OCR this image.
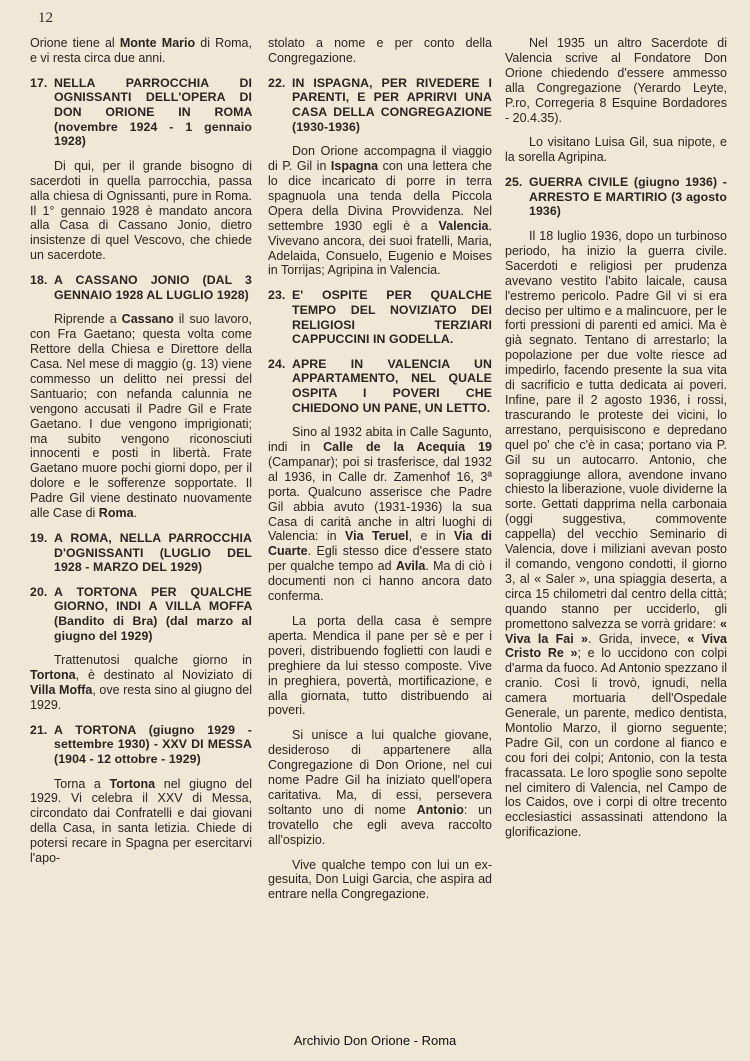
12

Orione tiene al Monte Mario di Roma, e vi resta circa due anni.

17. NELLA PARROCCHIA DI OGNISSANTI DELL'OPERA DI DON ORIONE IN ROMA (novembre 1924 - 1 gennaio 1928)

Di qui, per il grande bisogno di sacerdoti in quella parrocchia, passa alla chiesa di Ognissanti, pure in Roma. Il 1° gennaio 1928 è mandato ancora alla Casa di Cassano Jonio, dietro insistenze di quel Vescovo, che chiede un sacerdote.

18. A CASSANO JONIO (DAL 3 GENNAIO 1928 AL LUGLIO 1928)

Riprende a Cassano il suo lavoro, con Fra Gaetano; questa volta come Rettore della Chiesa e Direttore della Casa. Nel mese di maggio (g. 13) viene commesso un delitto nei pressi del Santuario; con nefanda calunnia ne vengono accusati il Padre Gil e Frate Gaetano. I due vengono imprigionati; ma subito vengono riconosciuti innocenti e posti in libertà. Frate Gaetano muore pochi giorni dopo, per il dolore e le sofferenze sopportate. Il Padre Gil viene destinato nuovamente alle Case di Roma.

19. A ROMA, NELLA PARROCCHIA D'OGNISSANTI (LUGLIO DEL 1928 - MARZO DEL 1929)
20. A TORTONA PER QUALCHE GIORNO, INDI A VILLA MOFFA (Bandito di Bra) (dal marzo al giugno del 1929)

Trattenutosi qualche giorno in Tortona, è destinato al Noviziato di Villa Moffa, ove resta sino al giugno del 1929.

21. A TORTONA (giugno 1929 - settembre 1930) - XXV DI MESSA (1904 - 12 ottobre - 1929)

Torna a Tortona nel giugno del 1929. Vi celebra il XXV di Messa, circondato dai Confratelli e dai giovani della Casa, in santa letizia. Chiede di potersi recare in Spagna per esercitarvi l'apo-

stolato a nome e per conto della Congregazione.

22. IN ISPAGNA, PER RIVEDERE I PARENTI, E PER APRIRVI UNA CASA DELLA CONGREGAZIONE (1930-1936)

Don Orione accompagna il viaggio di P. Gil in Ispagna con una lettera che lo dice incaricato di porre in terra spagnuola una tenda della Piccola Opera della Divina Provvidenza. Nel settembre 1930 egli è a Valencia. Vivevano ancora, dei suoi fratelli, Maria, Adelaida, Consuelo, Eugenio e Moises in Torrijas; Agripina in Valencia.

23. E' OSPITE PER QUALCHE TEMPO DEL NOVIZIATO DEI RELIGIOSI TERZIARI CAPPUCCINI IN GODELLA.
24. APRE IN VALENCIA UN APPARTAMENTO, NEL QUALE OSPITA I POVERI CHE CHIEDONO UN PANE, UN LETTO.

Sino al 1932 abita in Calle Sagunto, indi in Calle de la Acequia 19 (Campanar); poi si trasferisce, dal 1932 al 1936, in Calle dr. Zamenhof 16, 3ª porta. Qualcuno asserisce che Padre Gil abbia avuto (1931-1936) la sua Casa di carità anche in altri luoghi di Valencia: in Via Teruel, e in Via di Cuarte. Egli stesso dice d'essere stato per qualche tempo ad Avila. Ma di ciò i documenti non ci hanno ancora dato conferma.

La porta della casa è sempre aperta. Mendica il pane per sè e per i poveri, distribuendo foglietti con laudi e preghiere da lui stesso composte. Vive in preghiera, povertà, mortificazione, e alla giornata, tutto distribuendo ai poveri.

Si unisce a lui qualche giovane, desideroso di appartenere alla Congregazione di Don Orione, nel cui nome Padre Gil ha iniziato quell'opera caritativa. Ma, di essi, persevera soltanto uno di nome Antonio: un trovatello che egli aveva raccolto all'ospizio.

Vive qualche tempo con lui un ex-gesuita, Don Luigi Garcia, che aspira ad entrare nella Congregazione.

Nel 1935 un altro Sacerdote di Valencia scrive al Fondatore Don Orione chiedendo d'essere ammesso alla Congregazione (Yerardo Leyte, P.ro, Corregeria 8 Esquine Bordadores - 20.4.35).

Lo visitano Luisa Gil, sua nipote, e la sorella Agripina.

25. GUERRA CIVILE (giugno 1936) - ARRESTO E MARTIRIO (3 agosto 1936)

Il 18 luglio 1936, dopo un turbinoso periodo, ha inizio la guerra civile. Sacerdoti e religiosi per prudenza avevano vestito l'abito laicale, causa l'estremo pericolo. Padre Gil vi si era deciso per ultimo e a malincuore, per le forti pressioni di parenti ed amici. Ma è già segnato. Tentano di arrestarlo; la popolazione per due volte riesce ad impedirlo, facendo presente la sua vita di sacrificio e tutta dedicata ai poveri. Infine, pare il 2 agosto 1936, i rossi, trascurando le proteste dei vicini, lo arrestano, perquisiscono e depredano quel po' che c'è in casa; portano via P. Gil su un autocarro. Antonio, che sopraggiunge allora, avendone invano chiesto la liberazione, vuole dividerne la sorte. Gettati dapprima nella carbonaia (oggi suggestiva, commovente cappella) del vecchio Seminario di Valencia, dove i miliziani avevan posto il comando, vengono condotti, il giorno 3, al « Saler », una spiaggia deserta, a circa 15 chilometri dal centro della città; quando stanno per ucciderlo, gli promettono salvezza se vorrà gridare: « Viva la Fai ». Grida, invece, « Viva Cristo Re »; e lo uccidono con colpi d'arma da fuoco. Ad Antonio spezzano il cranio. Così li trovò, ignudi, nella camera mortuaria dell'Ospedale Generale, un parente, medico dentista, Montolio Marzo, il giorno seguente; Padre Gil, con un cordone al fianco e cou fori dei colpi; Antonio, con la testa fracassata. Le loro spoglie sono sepolte nel cimitero di Valencia, nel Campo de los Caidos, ove i corpi di oltre trecento ecclesiastici assassinati attendono la glorificazione.

Archivio Don Orione - Roma
